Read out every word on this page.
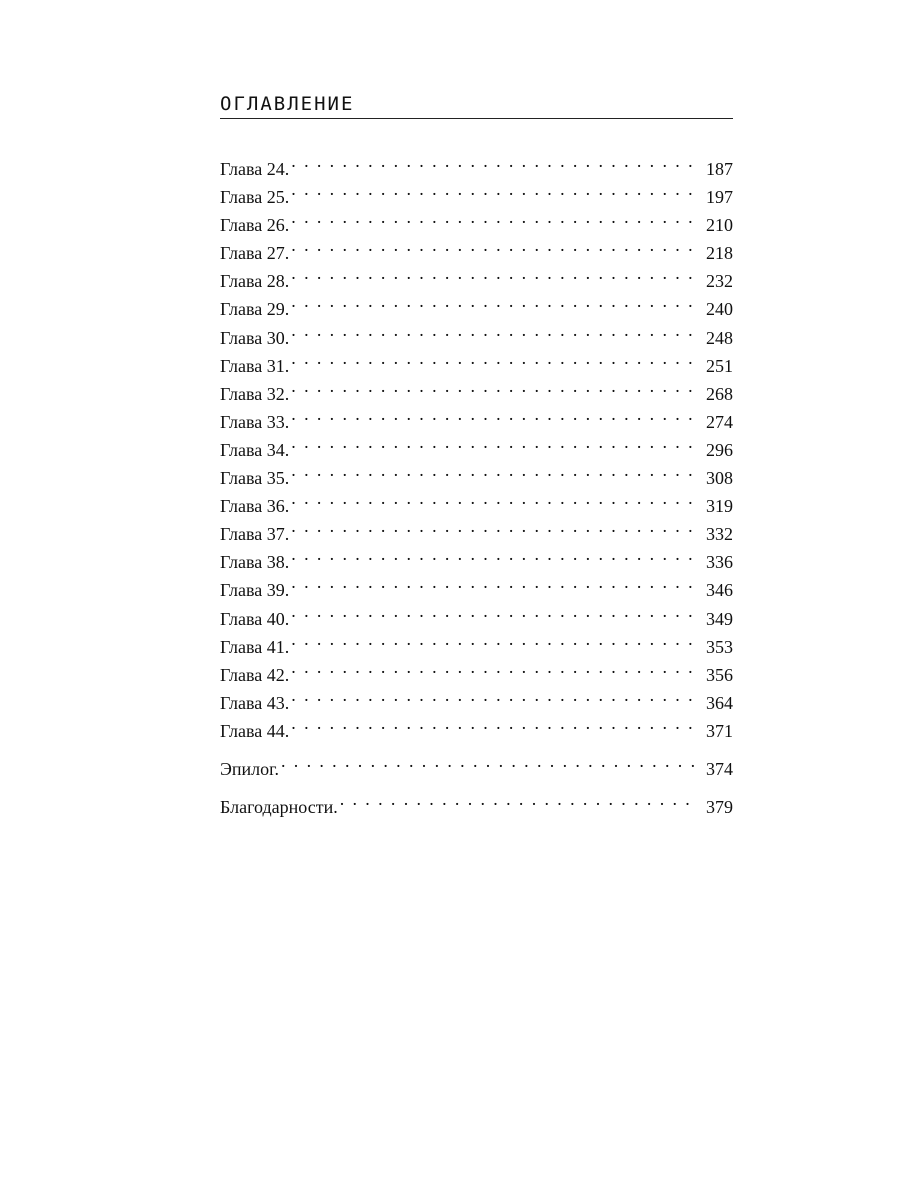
ОГЛАВЛЕНИЕ
Глава 24. . . .	187
Глава 25. . . .	197
Глава 26. . . .	210
Глава 27. . . .	218
Глава 28. . . .	232
Глава 29. . . .	240
Глава 30. . . .	248
Глава 31. . . .	251
Глава 32. . . .	268
Глава 33. . . .	274
Глава 34. . . .	296
Глава 35. . . .	308
Глава 36. . . .	319
Глава 37. . . .	332
Глава 38. . . .	336
Глава 39. . . .	346
Глава 40. . . .	349
Глава 41. . . .	353
Глава 42. . . .	356
Глава 43. . . .	364
Глава 44. . . .	371
Эпилог. . . .	374
Благодарности. . . .	379
